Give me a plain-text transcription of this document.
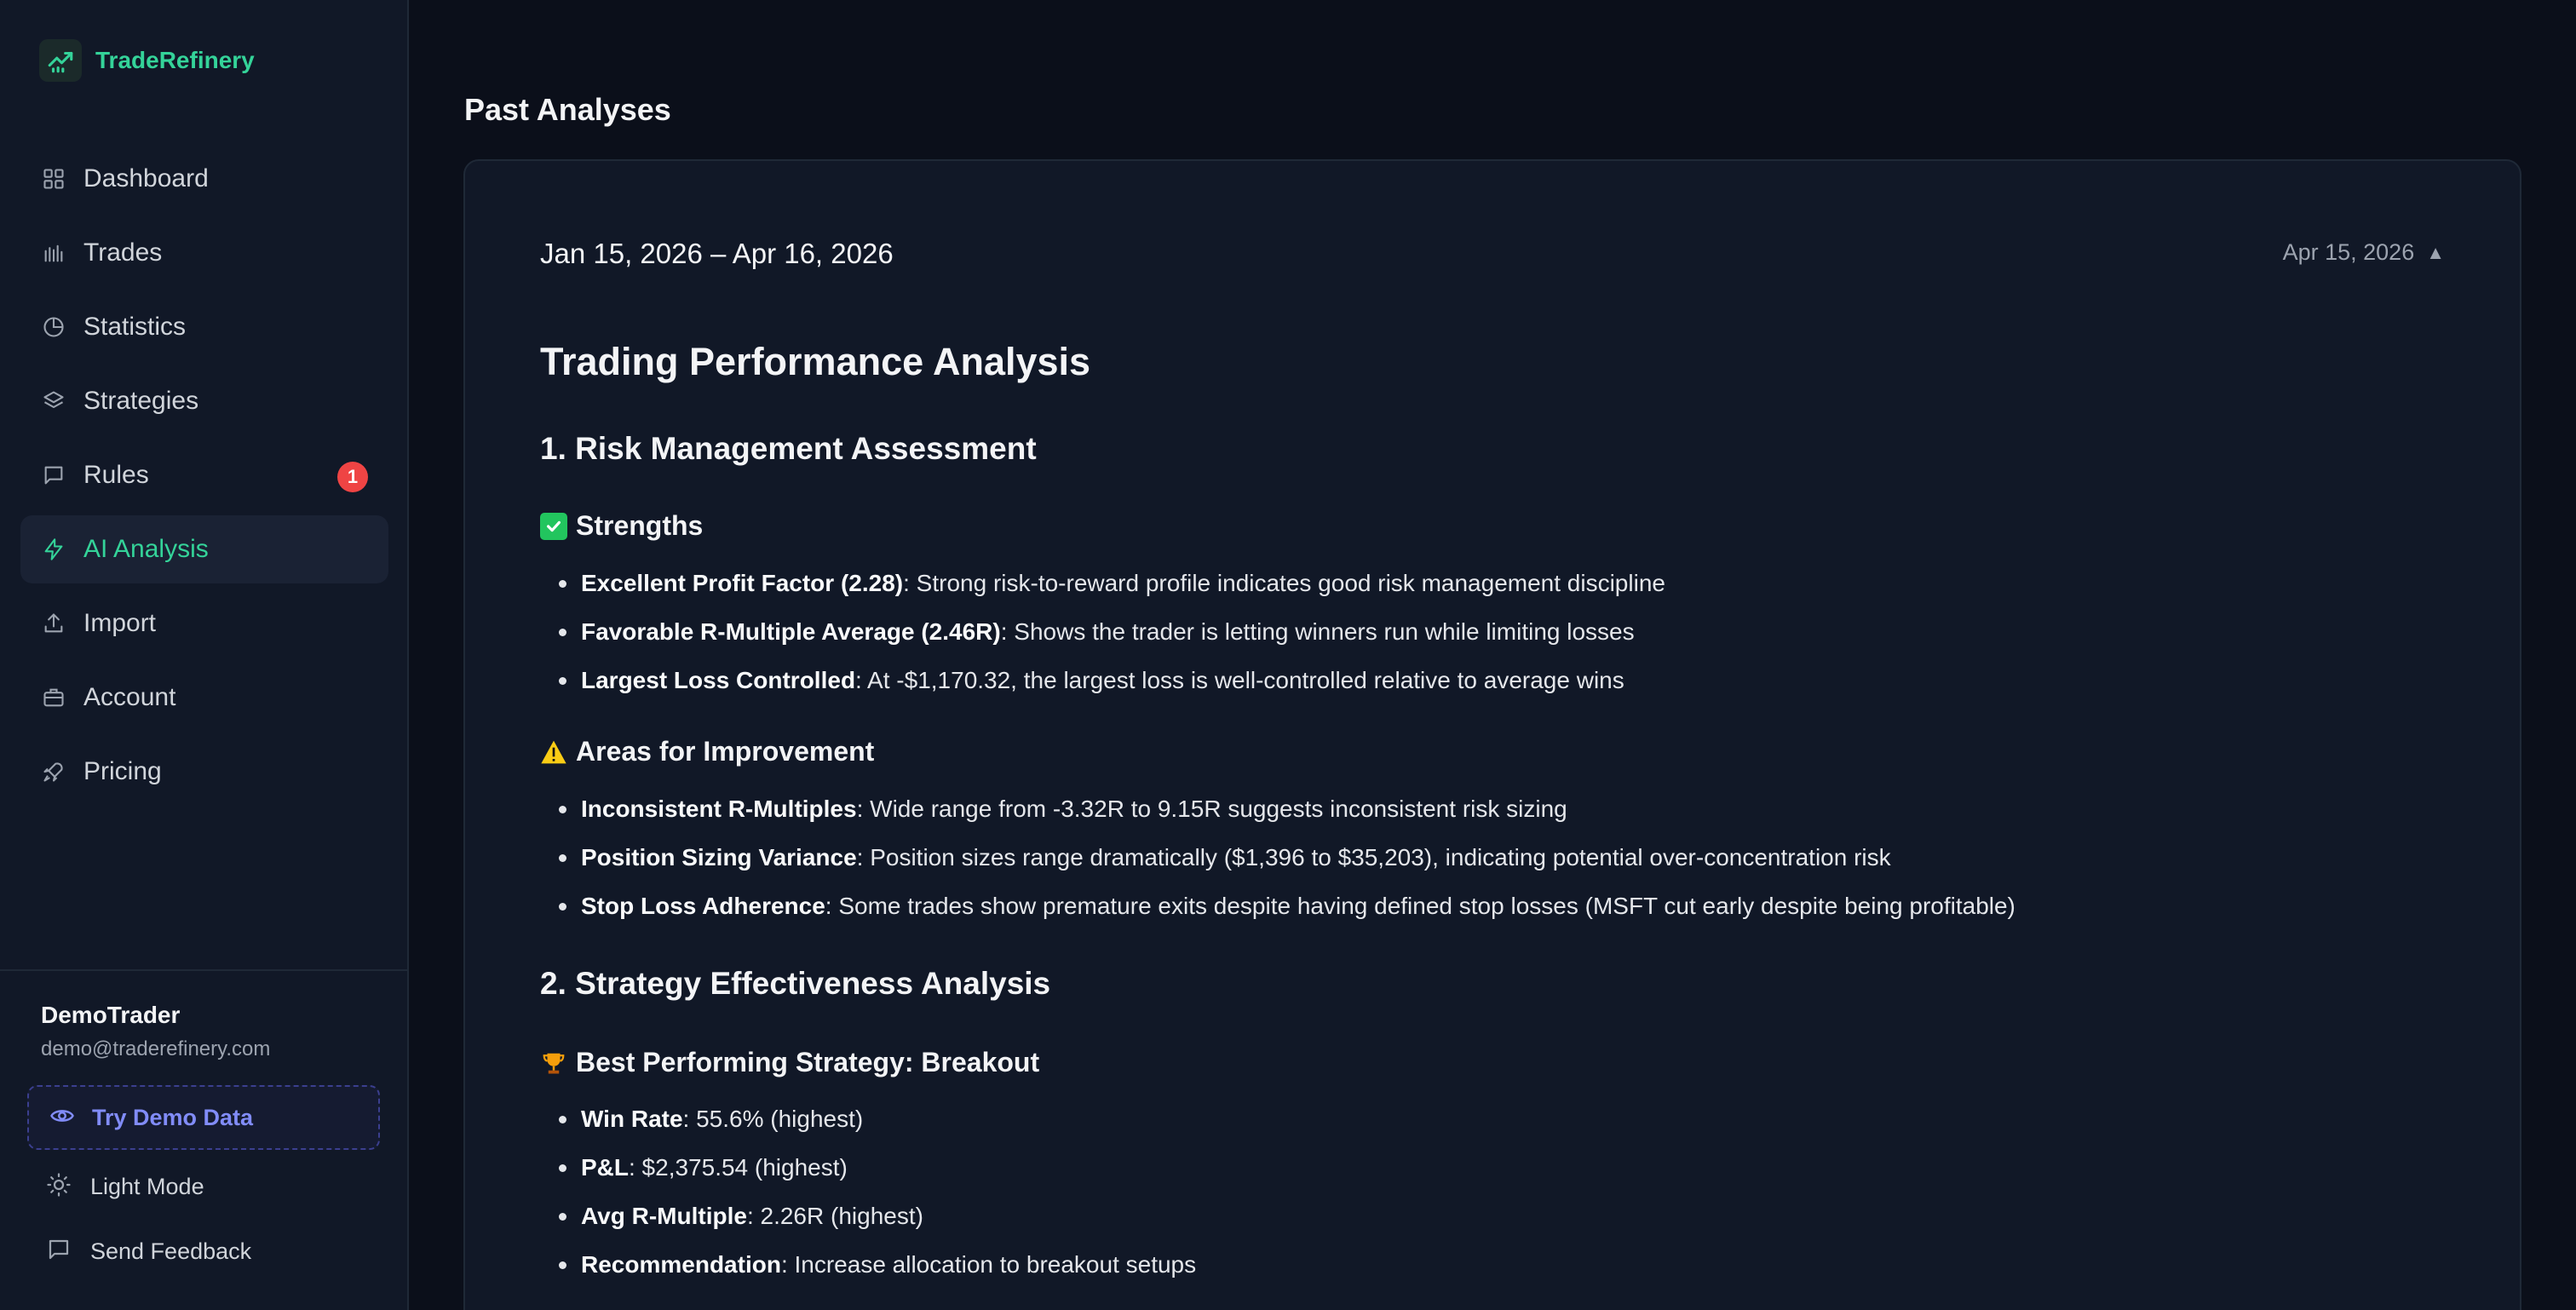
TradeRefinery
Dashboard
Trades
Statistics
Strategies
Rules	1
AI Analysis
Import
Account
Pricing
DemoTrader
demo@traderefinery.com
Try Demo Data
Light Mode
Send Feedback
Past Analyses
Jan 15, 2026 – Apr 16, 2026	Apr 15, 2026 ▲
Trading Performance Analysis
1. Risk Management Assessment
Strengths
Excellent Profit Factor (2.28): Strong risk-to-reward profile indicates good risk management discipline
Favorable R-Multiple Average (2.46R): Shows the trader is letting winners run while limiting losses
Largest Loss Controlled: At -$1,170.32, the largest loss is well-controlled relative to average wins
Areas for Improvement
Inconsistent R-Multiples: Wide range from -3.32R to 9.15R suggests inconsistent risk sizing
Position Sizing Variance: Position sizes range dramatically ($1,396 to $35,203), indicating potential over-concentration risk
Stop Loss Adherence: Some trades show premature exits despite having defined stop losses (MSFT cut early despite being profitable)
2. Strategy Effectiveness Analysis
Best Performing Strategy: Breakout
Win Rate: 55.6% (highest)
P&L: $2,375.54 (highest)
Avg R-Multiple: 2.26R (highest)
Recommendation: Increase allocation to breakout setups
